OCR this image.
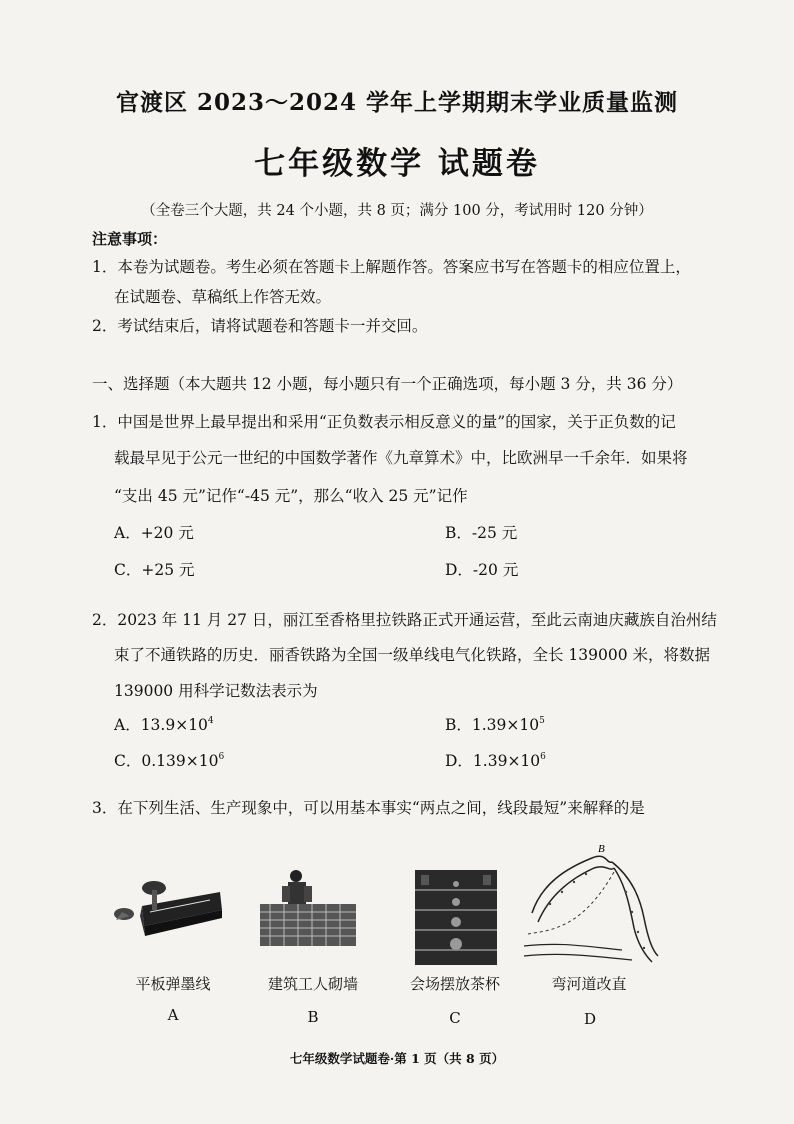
官渡区 2023～2024 学年上学期期末学业质量监测
七年级数学 试题卷
（全卷三个大题，共 24 个小题，共 8 页；满分 100 分，考试用时 120 分钟）
注意事项：
1．本卷为试题卷。考生必须在答题卡上解题作答。答案应书写在答题卡的相应位置上，
在试题卷、草稿纸上作答无效。
2．考试结束后，请将试题卷和答题卡一并交回。
一、选择题（本大题共 12 小题，每小题只有一个正确选项，每小题 3 分，共 36 分）
1．中国是世界上最早提出和采用“正负数表示相反意义的量”的国家，关于正负数的记
载最早见于公元一世纪的中国数学著作《九章算术》中，比欧洲早一千余年．如果将
“支出 45 元”记作“-45 元”，那么“收入 25 元”记作
A．+20 元	B．-25 元
C．+25 元	D．-20 元
2．2023 年 11 月 27 日，丽江至香格里拉铁路正式开通运营，至此云南迪庆藏族自治州结
束了不通铁路的历史．丽香铁路为全国一级单线电气化铁路，全长 139000 米，将数据
139000 用科学记数法表示为
A．$13.9\times 10^4$	B．$1.39\times 10^5$
C．$0.139\times 10^6$	D．$1.39\times 10^6$
3．在下列生活、生产现象中，可以用基本事实“两点之间，线段最短”来解释的是
B
平板弹墨线	建筑工人砌墙	会场摆放茶杯	弯河道改直
A	B	C	D
七年级数学试题卷·第 1 页（共 8 页）
